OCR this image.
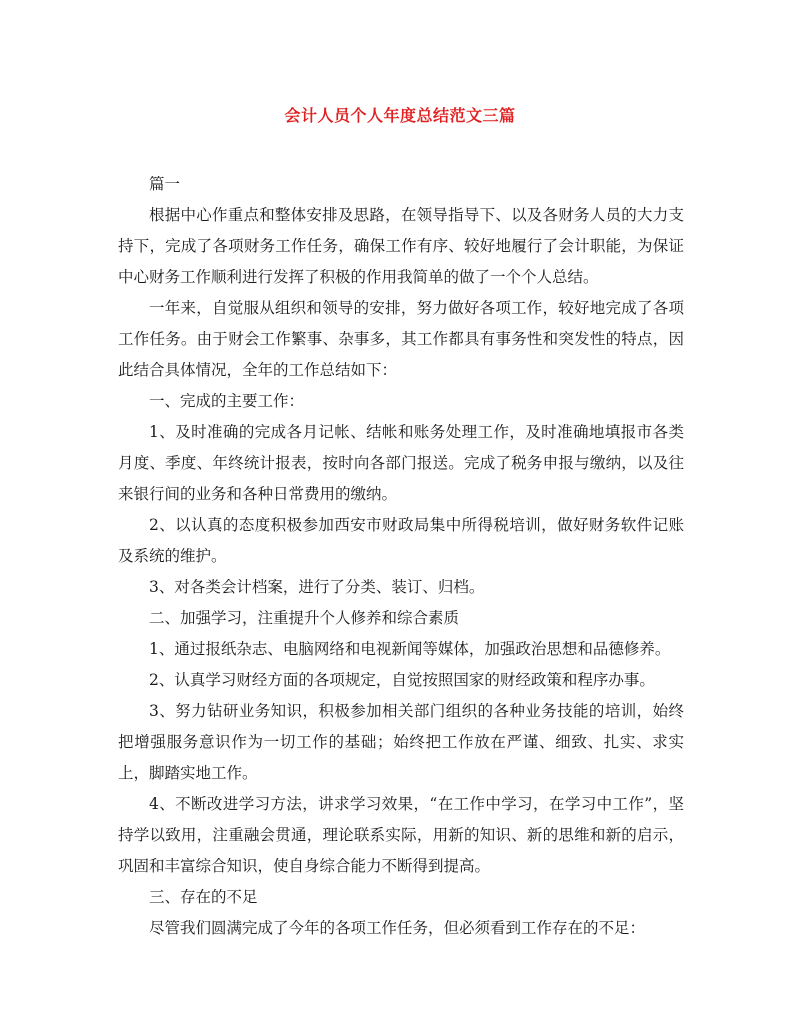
会计人员个人年度总结范文三篇

篇一

根据中心作重点和整体安排及思路，在领导指导下、以及各财务人员的大力支持下，完成了各项财务工作任务，确保工作有序、较好地履行了会计职能，为保证中心财务工作顺利进行发挥了积极的作用我简单的做了一个个人总结。

一年来，自觉服从组织和领导的安排，努力做好各项工作，较好地完成了各项工作任务。由于财会工作繁事、杂事多，其工作都具有事务性和突发性的特点，因此结合具体情况，全年的工作总结如下：

一、完成的主要工作：

1、及时准确的完成各月记帐、结帐和账务处理工作，及时准确地填报市各类月度、季度、年终统计报表，按时向各部门报送。完成了税务申报与缴纳，以及往来银行间的业务和各种日常费用的缴纳。

2、以认真的态度积极参加西安市财政局集中所得税培训，做好财务软件记账及系统的维护。

3、对各类会计档案，进行了分类、装订、归档。

二、加强学习，注重提升个人修养和综合素质

1、通过报纸杂志、电脑网络和电视新闻等媒体，加强政治思想和品德修养。

2、认真学习财经方面的各项规定，自觉按照国家的财经政策和程序办事。

3、努力钻研业务知识，积极参加相关部门组织的各种业务技能的培训，始终把增强服务意识作为一切工作的基础；始终把工作放在严谨、细致、扎实、求实上，脚踏实地工作。

4、不断改进学习方法，讲求学习效果，“在工作中学习，在学习中工作”，坚持学以致用，注重融会贯通，理论联系实际，用新的知识、新的思维和新的启示，巩固和丰富综合知识，使自身综合能力不断得到提高。

三、存在的不足

尽管我们圆满完成了今年的各项工作任务，但必须看到工作存在的不足：
